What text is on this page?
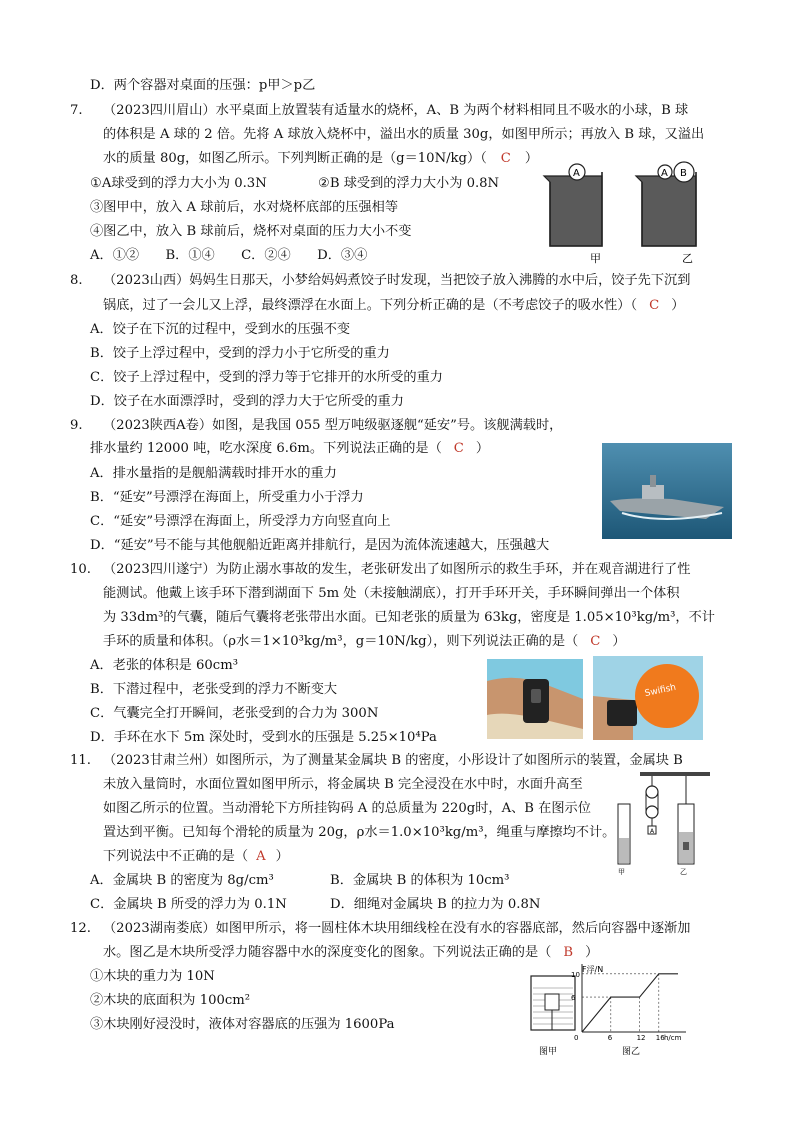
D．两个容器对桌面的压强：p甲＞p乙
7. （2023四川眉山）水平桌面上放置装有适量水的烧杯，A、B 为两个材料相同且不吸水的小球，B 球
的体积是 A 球的 2 倍。先将 A 球放入烧杯中，溢出水的质量 30g，如图甲所示；再放入 B 球，又溢出
水的质量 80g，如图乙所示。下列判断正确的是（g＝10N/kg）（ C ）
①A球受到的浮力大小为 0.3N	②B 球受到的浮力大小为 0.8N
③图甲中，放入 A 球前后，水对烧杯底部的压强相等
④图乙中，放入 B 球前后，烧杯对桌面的压力大小不变
A．①②　　B．①④　　C．②④　　D．③④
A
甲
A B
乙
8. （2023山西）妈妈生日那天，小梦给妈妈煮饺子时发现，当把饺子放入沸腾的水中后，饺子先下沉到
锅底，过了一会儿又上浮，最终漂浮在水面上。下列分析正确的是（不考虑饺子的吸水性）（ C ）
A．饺子在下沉的过程中，受到水的压强不变
B．饺子上浮过程中，受到的浮力小于它所受的重力
C．饺子上浮过程中，受到的浮力等于它排开的水所受的重力
D．饺子在水面漂浮时，受到的浮力大于它所受的重力
9. （2023陕西A卷）如图，是我国 055 型万吨级驱逐舰“延安”号。该舰满载时，
排水量约 12000 吨，吃水深度 6.6m。下列说法正确的是（ C ）
A．排水量指的是舰船满载时排开水的重力
B．“延安”号漂浮在海面上，所受重力小于浮力
C．“延安”号漂浮在海面上，所受浮力方向竖直向上
D．“延安”号不能与其他舰船近距离并排航行，是因为流体流速越大，压强越大
10. （2023四川遂宁）为防止溺水事故的发生，老张研发出了如图所示的救生手环，并在观音湖进行了性
能测试。他戴上该手环下潜到湖面下 5m 处（未接触湖底），打开手环开关，手环瞬间弹出一个体积
为 33dm³的气囊，随后气囊将老张带出水面。已知老张的质量为 63kg，密度是 1.05×10³kg/m³，不计
手环的质量和体积。（ρ水＝1×10³kg/m³，g＝10N/kg），则下列说法正确的是（ C ）
A．老张的体积是 60cm³
B．下潜过程中，老张受到的浮力不断变大
C．气囊完全打开瞬间，老张受到的合力为 300N
D．手环在水下 5m 深处时，受到水的压强是 5.25×10⁴Pa
Swifish
11. （2023甘肃兰州）如图所示，为了测量某金属块 B 的密度，小彤设计了如图所示的装置，金属块 B
未放入量筒时，水面位置如图甲所示，将金属块 B 完全浸没在水中时，水面升高至
如图乙所示的位置。当动滑轮下方所挂钩码 A 的总质量为 220g时，A、B 在图示位
置达到平衡。已知每个滑轮的质量为 20g，ρ水＝1.0×10³kg/m³，绳重与摩擦均不计。
下列说法中不正确的是（ A ）
A．金属块 B 的密度为 8g/cm³	B．金属块 B 的体积为 10cm³
C．金属块 B 所受的浮力为 0.1N	D．细绳对金属块 B 的拉力为 0.8N
A
甲	乙
12. （2023湖南娄底）如图甲所示，将一圆柱体木块用细线栓在没有水的容器底部，然后向容器中逐渐加
水。图乙是木块所受浮力随容器中水的深度变化的图象。下列说法正确的是（ B ）
①木块的重力为 10N
②木块的底面积为 100cm²
③木块刚好浸没时，液体对容器底的压强为 1600Pa
图甲
F浮/N
h/cm
0	6	12 16
6
10
图乙
